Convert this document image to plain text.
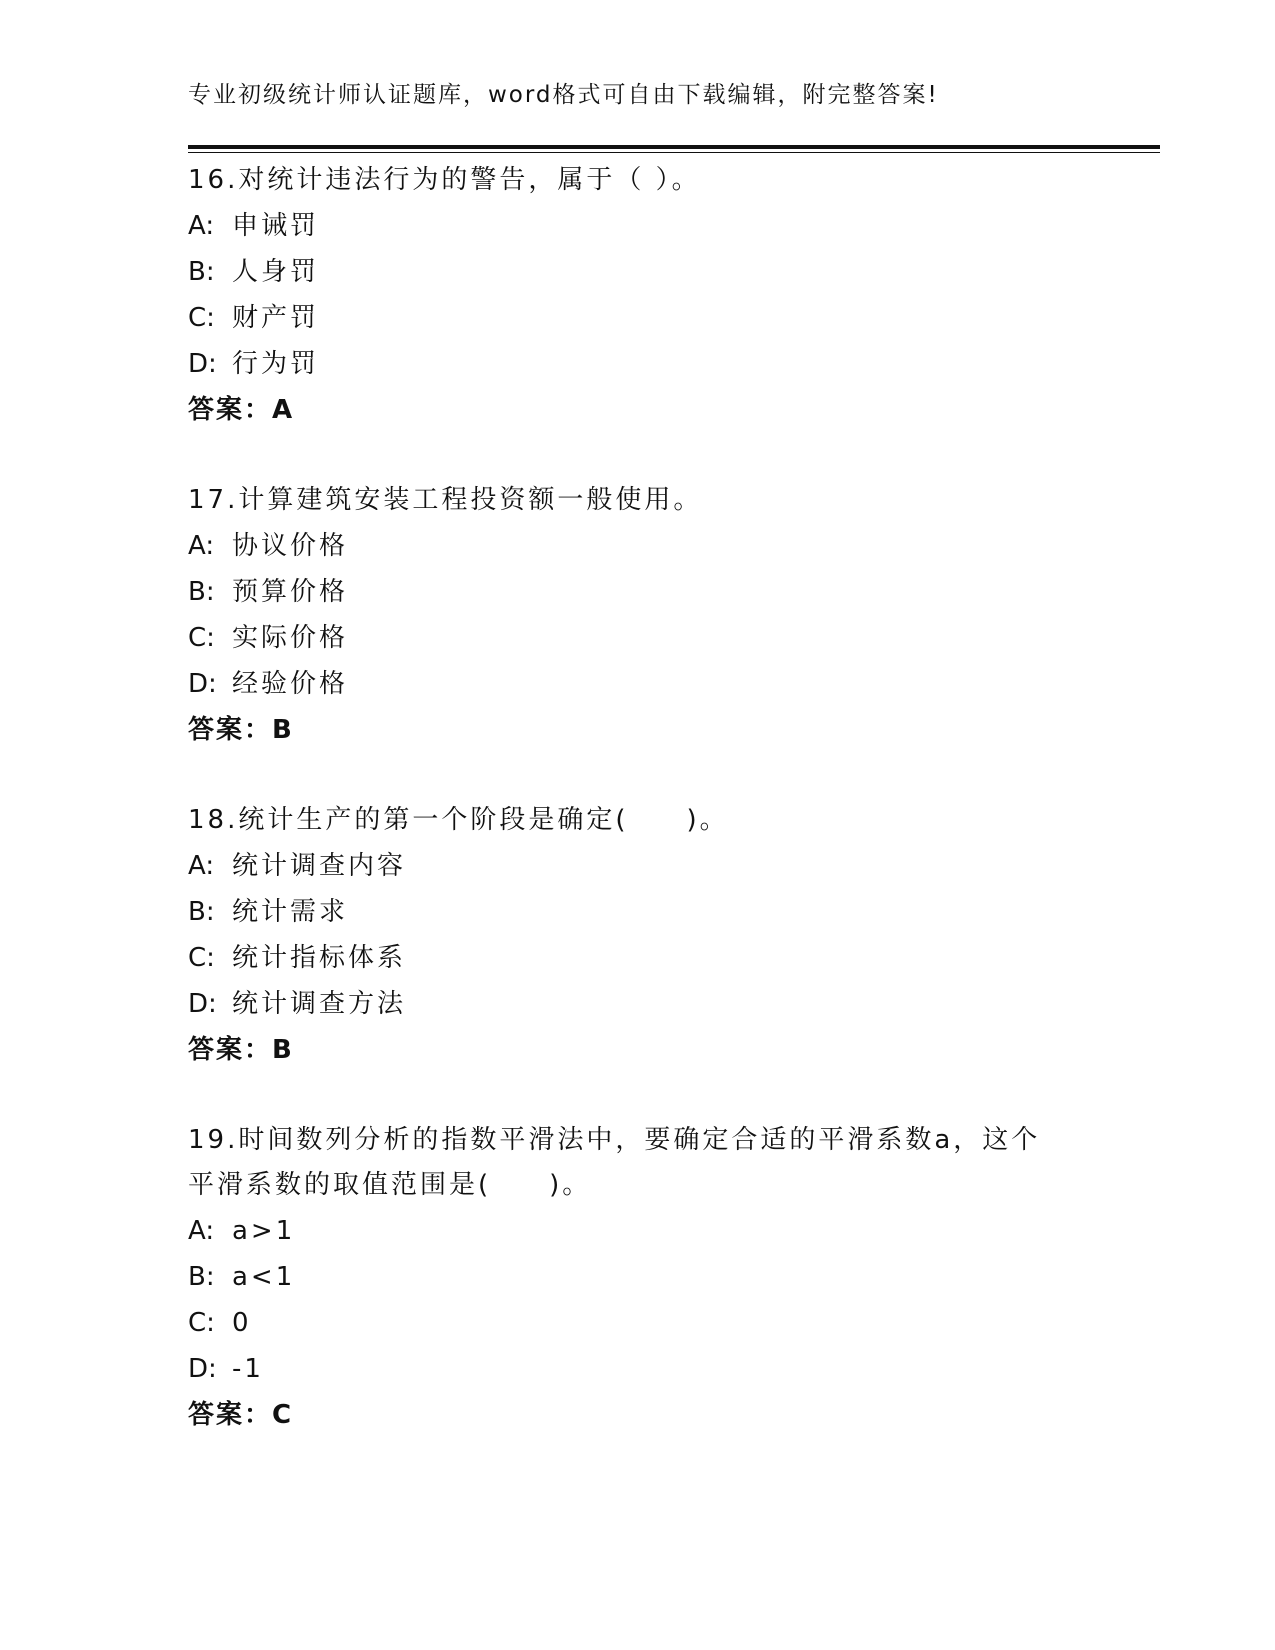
专业初级统计师认证题库，word格式可自由下载编辑，附完整答案!
16.对统计违法行为的警告，属于（ ）。
A: 申诫罚
B: 人身罚
C: 财产罚
D: 行为罚
答案：A
17.计算建筑安装工程投资额一般使用。
A: 协议价格
B: 预算价格
C: 实际价格
D: 经验价格
答案：B
18.统计生产的第一个阶段是确定(　　)。
A: 统计调查内容
B: 统计需求
C: 统计指标体系
D: 统计调查方法
答案：B
19.时间数列分析的指数平滑法中，要确定合适的平滑系数a，这个平滑系数的取值范围是(　　)。
A: a>1
B: a<1
C: 0
D: -1
答案：C
